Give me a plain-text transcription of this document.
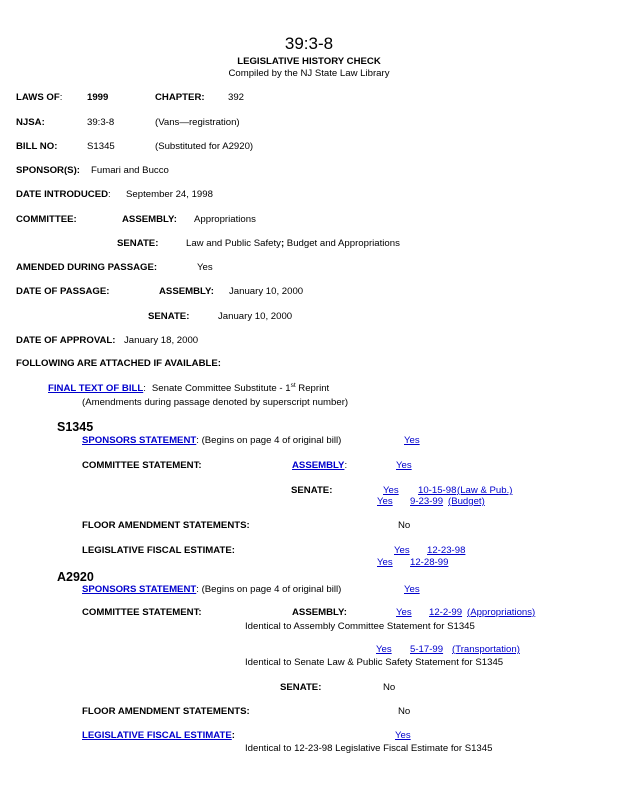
39:3-8
LEGISLATIVE HISTORY CHECK
Compiled by the NJ State Law Library
LAWS OF:	1999	CHAPTER: 392
NJSA:	39:3-8	(Vans—registration)
BILL NO:	S1345	(Substituted for A2920)
SPONSOR(S): Fumari and Bucco
DATE INTRODUCED: September 24, 1998
COMMITTEE:	ASSEMBLY: Appropriations
SENATE:	Law and Public Safety; Budget and Appropriations
AMENDED DURING PASSAGE:	Yes
DATE OF PASSAGE:	ASSEMBLY: January 10, 2000
SENATE:	January 10, 2000
DATE OF APPROVAL: January 18, 2000
FOLLOWING ARE ATTACHED IF AVAILABLE:
FINAL TEXT OF BILL: Senate Committee Substitute - 1st Reprint
(Amendments during passage denoted by superscript number)
S1345
SPONSORS STATEMENT: (Begins on page 4 of original bill)	Yes
COMMITTEE STATEMENT:	ASSEMBLY:	Yes
SENATE:	Yes 10-15-98 (Law & Pub.)
Yes 9-23-99 (Budget)
FLOOR AMENDMENT STATEMENTS:	No
LEGISLATIVE FISCAL ESTIMATE:	Yes 12-23-98
Yes 12-28-99
A2920
SPONSORS STATEMENT: (Begins on page 4 of original bill)	Yes
COMMITTEE STATEMENT:	ASSEMBLY:	Yes 12-2-99 (Appropriations)
Identical to Assembly Committee Statement for S1345
Yes 5-17-99 (Transportation)
Identical to Senate Law & Public Safety Statement for S1345
SENATE:	No
FLOOR AMENDMENT STATEMENTS:	No
LEGISLATIVE FISCAL ESTIMATE:	Yes
Identical to 12-23-98 Legislative Fiscal Estimate for S1345
